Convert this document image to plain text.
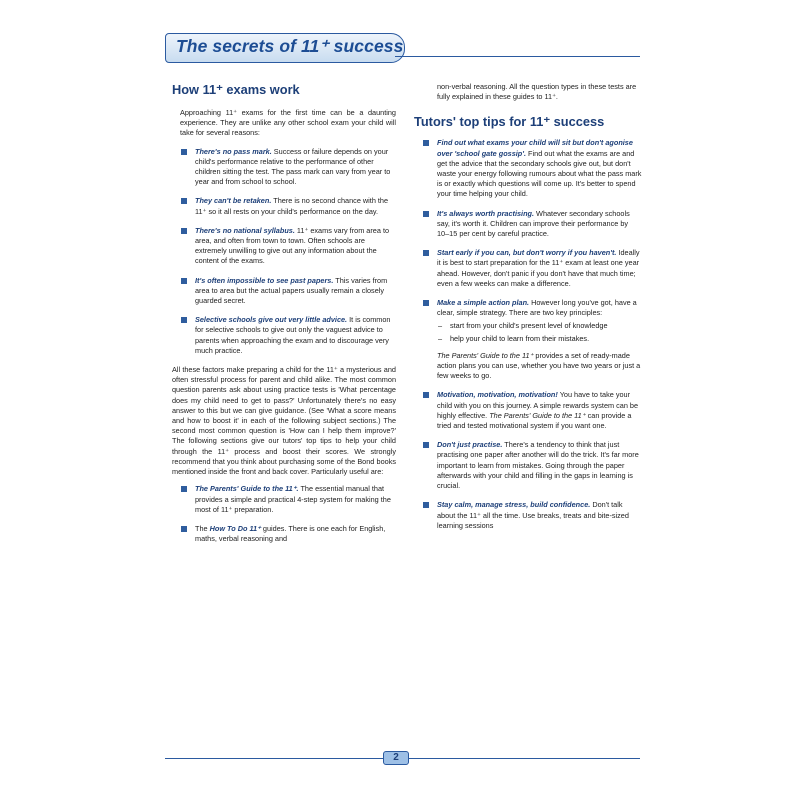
The secrets of 11⁺ success
How 11⁺ exams work

Approaching 11⁺ exams for the first time can be a daunting experience. They are unlike any other school exam your child will take for several reasons:

There's no pass mark. Success or failure depends on your child's performance relative to the performance of other children sitting the test. The pass mark can vary from year to year and from school to school.
They can't be retaken. There is no second chance with the 11⁺ so it all rests on your child's performance on the day.
There's no national syllabus. 11⁺ exams vary from area to area, and often from town to town. Often schools are extremely unwilling to give out any information about the content of the exams.
It's often impossible to see past papers. This varies from area to area but the actual papers usually remain a closely guarded secret.
Selective schools give out very little advice. It is common for selective schools to give out only the vaguest advice to parents when approaching the exam and to discourage very much practice.

All these factors make preparing a child for the 11⁺ a mysterious and often stressful process for parent and child alike. The most common question parents ask about using practice tests is 'What percentage does my child need to get to pass?' Unfortunately there's no easy answer to this but we can give guidance. (See 'What a score means and how to boost it' in each of the following subject sections.) The second most common question is 'How can I help them improve?' The following sections give our tutors' top tips to help your child through the 11⁺ process and boost their scores. We strongly recommend that you think about purchasing some of the Bond books mentioned inside the front and back cover. Particularly useful are:

The Parents' Guide to the 11⁺. The essential manual that provides a simple and practical 4-step system for making the most of 11⁺ preparation.
The How To Do 11⁺ guides. There is one each for English, maths, verbal reasoning and

non-verbal reasoning. All the question types in these tests are fully explained in these guides to 11⁺.

Tutors' top tips for 11⁺ success
Find out what exams your child will sit but don't agonise over 'school gate gossip'. Find out what the exams are and get the advice that the secondary schools give out, but don't waste your energy following rumours about what the pass mark is or exactly which questions will come up. It's better to spend your time helping your child.
It's always worth practising. Whatever secondary schools say, it's worth it. Children can improve their performance by 10–15 per cent by careful practice.
Start early if you can, but don't worry if you haven't. Ideally it is best to start preparation for the 11⁺ exam at least one year ahead. However, don't panic if you don't have that much time; even a few weeks can make a difference.
Make a simple action plan. However long you've got, have a clear, simple strategy. There are two key principles:
– start from your child's present level of knowledge
– help your child to learn from their mistakes.
The Parents' Guide to the 11⁺ provides a set of ready-made action plans you can use, whether you have two years or just a few weeks to go.
Motivation, motivation, motivation! You have to take your child with you on this journey. A simple rewards system can be highly effective. The Parents' Guide to the 11⁺ can provide a tried and tested motivational system if you want one.
Don't just practise. There's a tendency to think that just practising one paper after another will do the trick. It's far more important to learn from mistakes. Going through the paper afterwards with your child and filling in the gaps in learning is crucial.
Stay calm, manage stress, build confidence. Don't talk about the 11⁺ all the time. Use breaks, treats and bite-sized learning sessions
2
